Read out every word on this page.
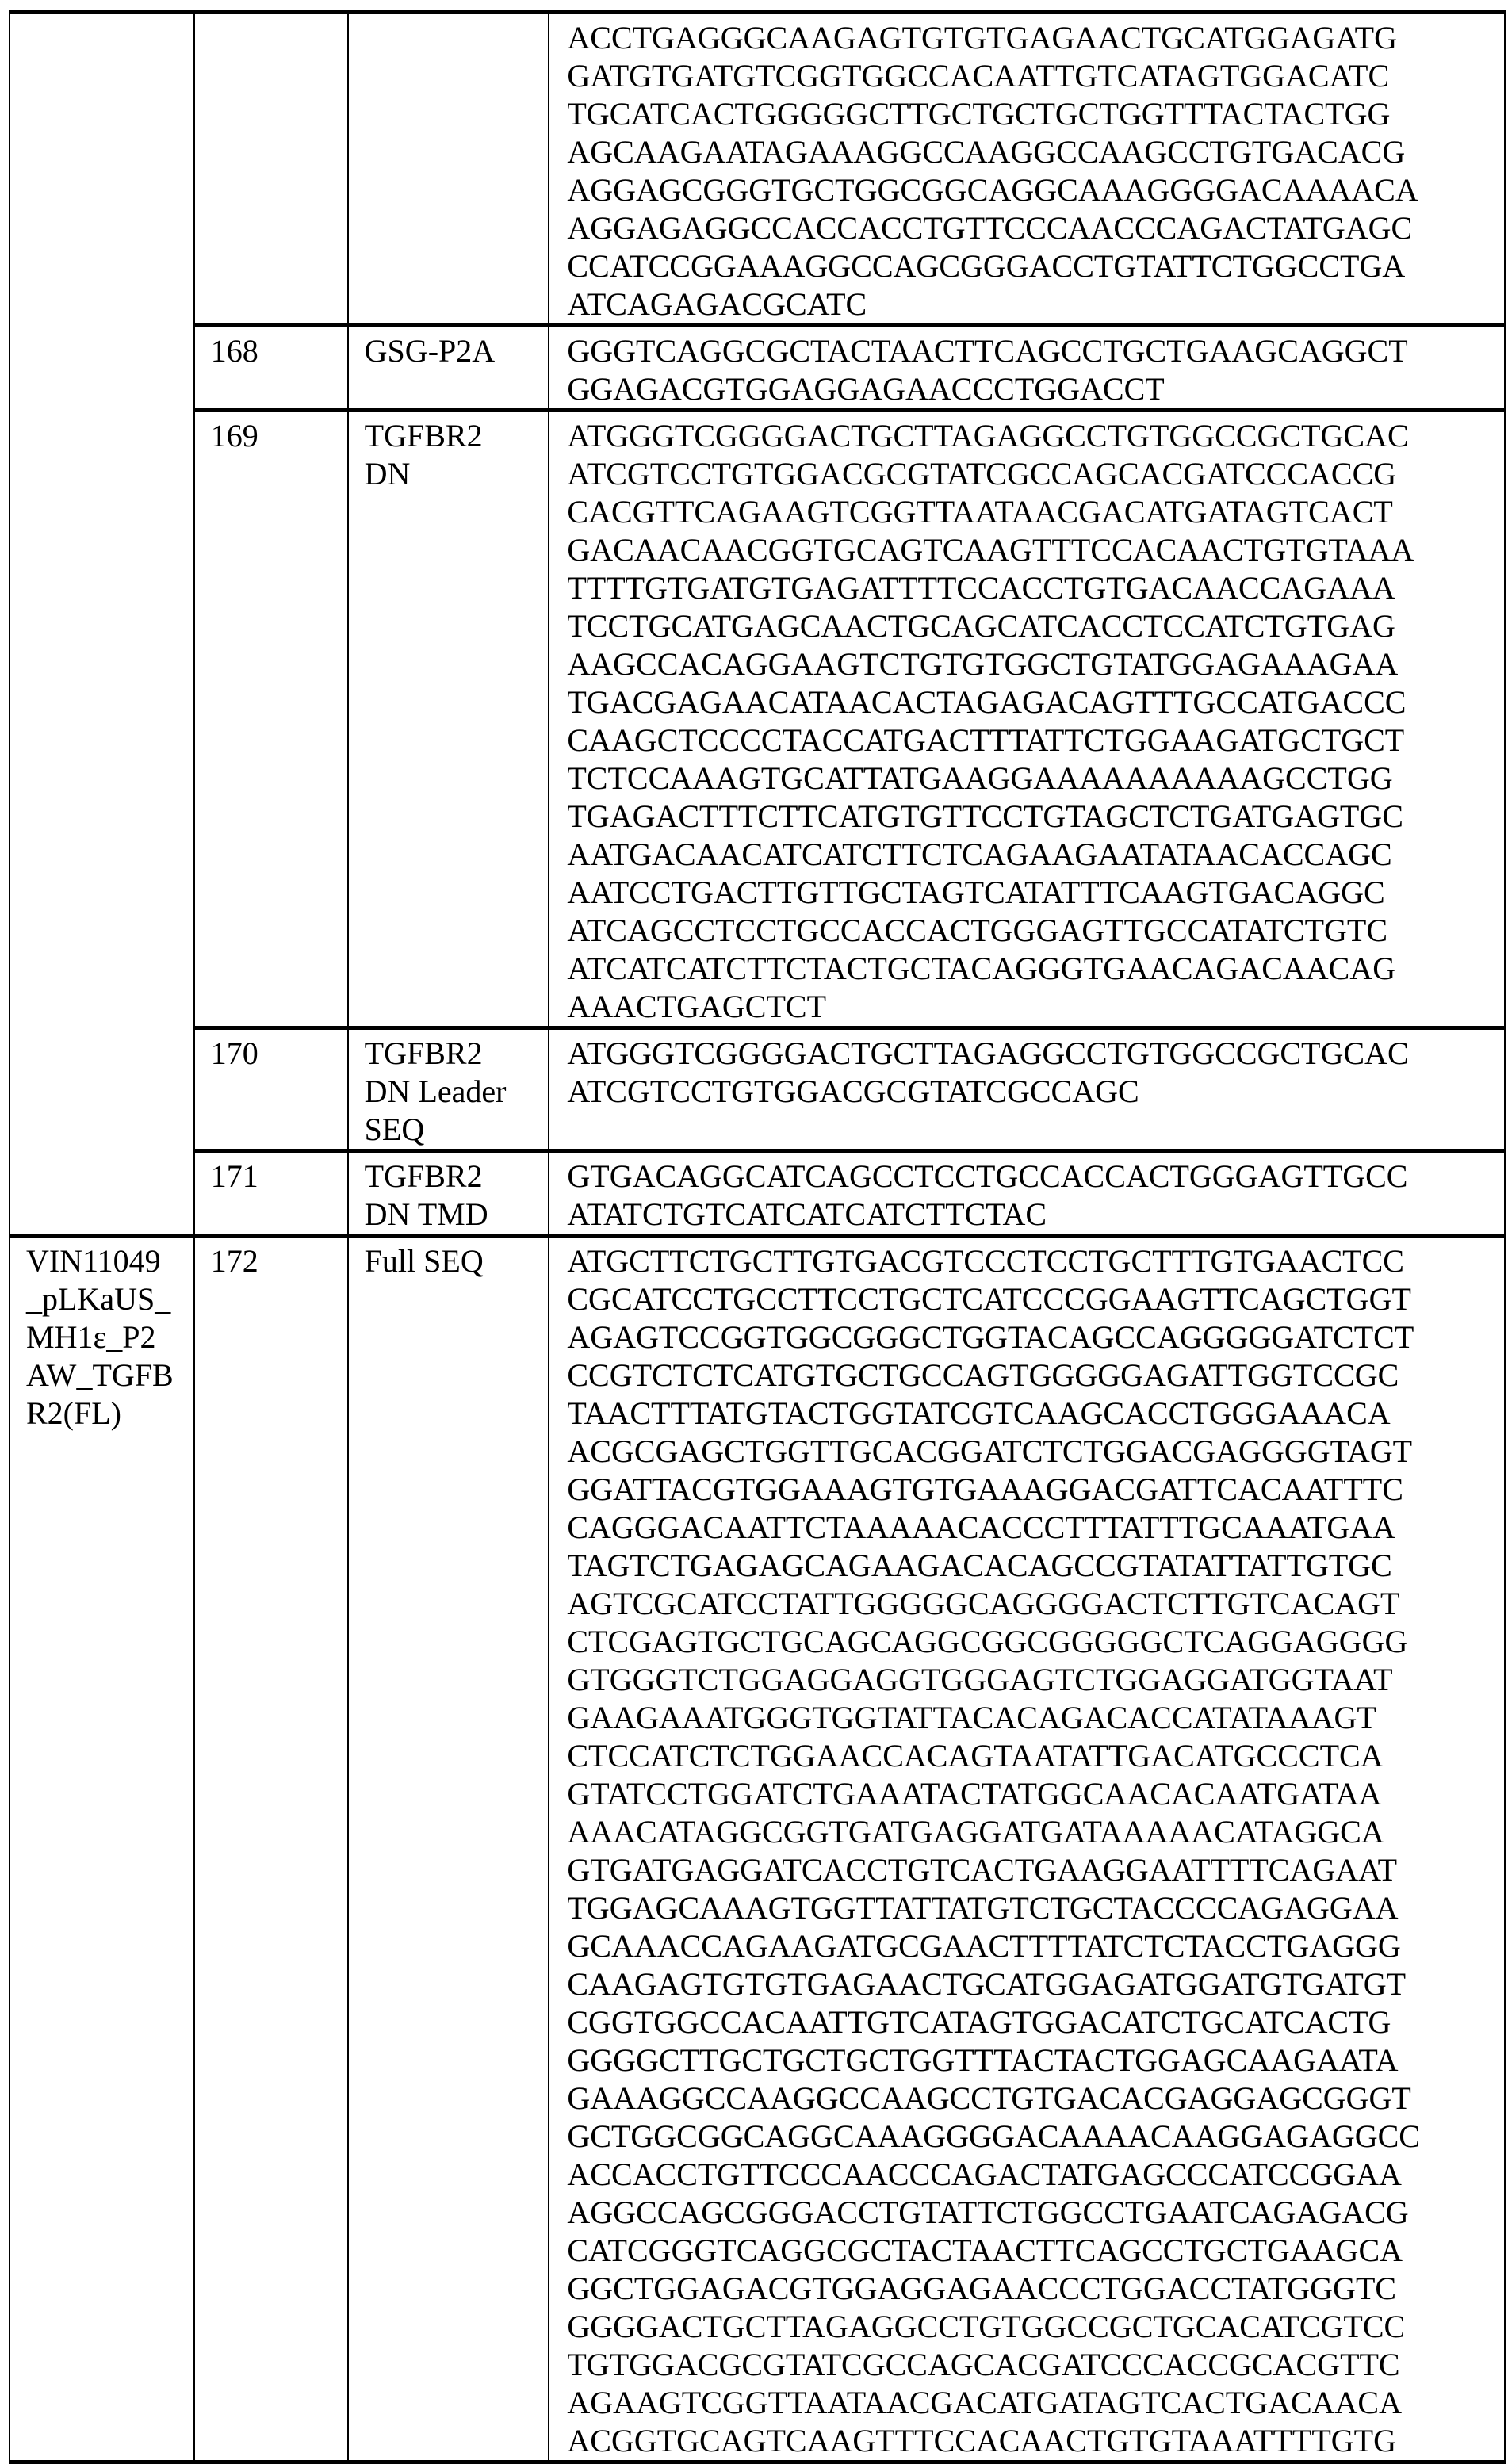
			ACCTGAGGGCAAGAGTGTGTGAGAACTGCATGGAGATG
GATGTGATGTCGGTGGCCACAATTGTCATAGTGGACATC
TGCATCACTGGGGGCTTGCTGCTGCTGGTTTACTACTGG
AGCAAGAATAGAAAGGCCAAGGCCAAGCCTGTGACACG
AGGAGCGGGTGCTGGCGGCAGGCAAAGGGGACAAAACA
AGGAGAGGCCACCACCTGTTCCCAACCCAGACTATGAGC
CCATCCGGAAAGGCCAGCGGGACCTGTATTCTGGCCTGA
ATCAGAGACGCATC
168	GSG-P2A	GGGTCAGGCGCTACTAACTTCAGCCTGCTGAAGCAGGCT
GGAGACGTGGAGGAGAACCCTGGACCT
169	TGFBR2
DN	ATGGGTCGGGGACTGCTTAGAGGCCTGTGGCCGCTGCAC
ATCGTCCTGTGGACGCGTATCGCCAGCACGATCCCACCG
CACGTTCAGAAGTCGGTTAATAACGACATGATAGTCACT
GACAACAACGGTGCAGTCAAGTTTCCACAACTGTGTAAA
TTTTGTGATGTGAGATTTTCCACCTGTGACAACCAGAAA
TCCTGCATGAGCAACTGCAGCATCACCTCCATCTGTGAG
AAGCCACAGGAAGTCTGTGTGGCTGTATGGAGAAAGAA
TGACGAGAACATAACACTAGAGACAGTTTGCCATGACCC
CAAGCTCCCCTACCATGACTTTATTCTGGAAGATGCTGCT
TCTCCAAAGTGCATTATGAAGGAAAAAAAAAAGCCTGG
TGAGACTTTCTTCATGTGTTCCTGTAGCTCTGATGAGTGC
AATGACAACATCATCTTCTCAGAAGAATATAACACCAGC
AATCCTGACTTGTTGCTAGTCATATTTCAAGTGACAGGC
ATCAGCCTCCTGCCACCACTGGGAGTTGCCATATCTGTC
ATCATCATCTTCTACTGCTACAGGGTGAACAGACAACAG
AAACTGAGCTCT
170	TGFBR2
DN Leader
SEQ	ATGGGTCGGGGACTGCTTAGAGGCCTGTGGCCGCTGCAC
ATCGTCCTGTGGACGCGTATCGCCAGC
171	TGFBR2
DN TMD	GTGACAGGCATCAGCCTCCTGCCACCACTGGGAGTTGCC
ATATCTGTCATCATCATCTTCTAC
VIN11049
_pLKaUS_
MH1ε_P2
AW_TGFB
R2(FL)	172	Full SEQ	ATGCTTCTGCTTGTGACGTCCCTCCTGCTTTGTGAACTCC
CGCATCCTGCCTTCCTGCTCATCCCGGAAGTTCAGCTGGT
AGAGTCCGGTGGCGGGCTGGTACAGCCAGGGGGATCTCT
CCGTCTCTCATGTGCTGCCAGTGGGGGAGATTGGTCCGC
TAACTTTATGTACTGGTATCGTCAAGCACCTGGGAAACA
ACGCGAGCTGGTTGCACGGATCTCTGGACGAGGGGTAGT
GGATTACGTGGAAAGTGTGAAAGGACGATTCACAATTTC
CAGGGACAATTCTAAAAACACCCTTTATTTGCAAATGAA
TAGTCTGAGAGCAGAAGACACAGCCGTATATTATTGTGC
AGTCGCATCCTATTGGGGGCAGGGGACTCTTGTCACAGT
CTCGAGTGCTGCAGCAGGCGGCGGGGGCTCAGGAGGGG
GTGGGTCTGGAGGAGGTGGGAGTCTGGAGGATGGTAAT
GAAGAAATGGGTGGTATTACACAGACACCATATAAAGT
CTCCATCTCTGGAACCACAGTAATATTGACATGCCCTCA
GTATCCTGGATCTGAAATACTATGGCAACACAATGATAA
AAACATAGGCGGTGATGAGGATGATAAAAACATAGGCA
GTGATGAGGATCACCTGTCACTGAAGGAATTTTCAGAAT
TGGAGCAAAGTGGTTATTATGTCTGCTACCCCAGAGGAA
GCAAACCAGAAGATGCGAACTTTTATCTCTACCTGAGGG
CAAGAGTGTGTGAGAACTGCATGGAGATGGATGTGATGT
CGGTGGCCACAATTGTCATAGTGGACATCTGCATCACTG
GGGGCTTGCTGCTGCTGGTTTACTACTGGAGCAAGAATA
GAAAGGCCAAGGCCAAGCCTGTGACACGAGGAGCGGGT
GCTGGCGGCAGGCAAAGGGGACAAAACAAGGAGAGGCC
ACCACCTGTTCCCAACCCAGACTATGAGCCCATCCGGAA
AGGCCAGCGGGACCTGTATTCTGGCCTGAATCAGAGACG
CATCGGGTCAGGCGCTACTAACTTCAGCCTGCTGAAGCA
GGCTGGAGACGTGGAGGAGAACCCTGGACCTATGGGTC
GGGGACTGCTTAGAGGCCTGTGGCCGCTGCACATCGTCC
TGTGGACGCGTATCGCCAGCACGATCCCACCGCACGTTC
AGAAGTCGGTTAATAACGACATGATAGTCACTGACAACA
ACGGTGCAGTCAAGTTTCCACAACTGTGTAAATTTTGTG
